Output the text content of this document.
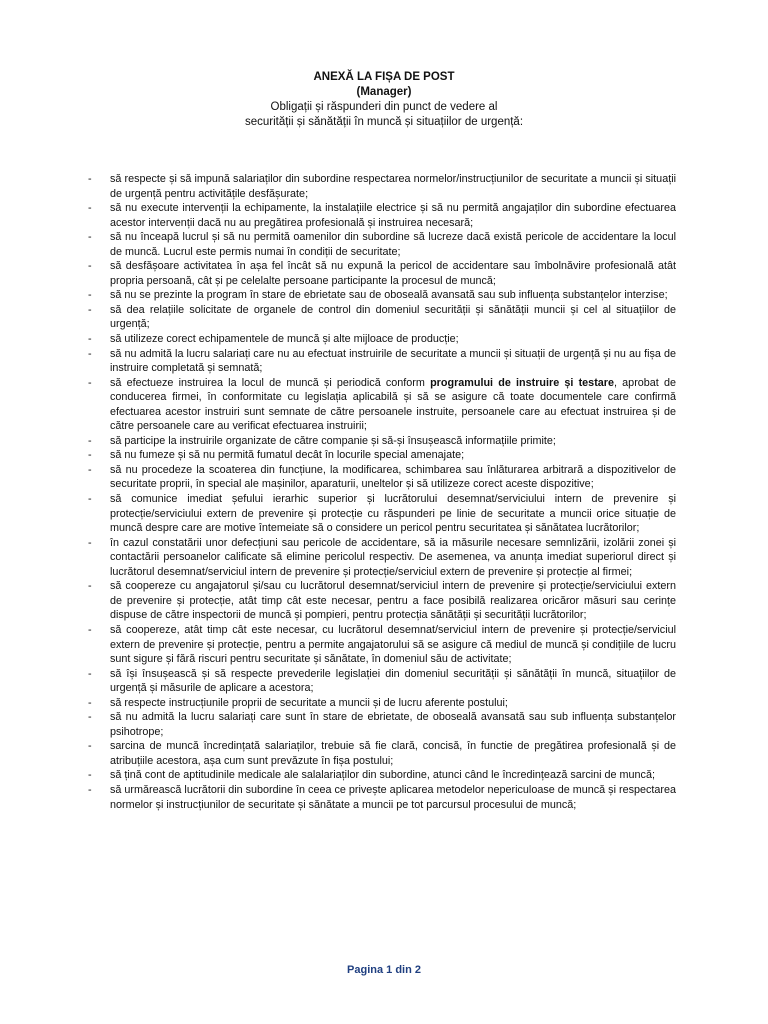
ANEXĂ LA FIȘA DE POST
(Manager)
Obligații și răspunderi din punct de vedere al
securității și sănătății în muncă și situațiilor de urgență:
- să respecte și să impună salariaților din subordine respectarea normelor/instrucțiunilor de securitate a muncii și situații de urgență pentru activitățile desfășurate;
- să nu execute intervenții la echipamente, la instalațiile electrice și să nu permită angajaților din subordine efectuarea acestor intervenții dacă nu au pregătirea profesională și instruirea necesară;
- să nu înceapă lucrul și să nu permită oamenilor din subordine să lucreze dacă există pericole de accidentare la locul de muncă. Lucrul este permis numai în condiții de securitate;
- să desfășoare activitatea în așa fel încât să nu expună la pericol de accidentare sau îmbolnăvire profesională atât propria persoană, cât și pe celelalte persoane participante la procesul de muncă;
- să nu se prezinte la program în stare de ebrietate sau de oboseală avansată sau sub influența substanțelor interzise;
- să dea relațiile solicitate de organele de control din domeniul securității și sănătății muncii și cel al situațiilor de urgență;
- să utilizeze corect echipamentele de muncă și alte mijloace de producție;
- să nu admită la lucru salariați care nu au efectuat instruirile de securitate a muncii și situații de urgență și nu au fișa de instruire completată și semnată;
- să efectueze instruirea la locul de muncă și periodică conform programului de instruire și testare, aprobat de conducerea firmei, în conformitate cu legislația aplicabilă și să se asigure că toate documentele care confirmă efectuarea acestor instruiri sunt semnate de către persoanele instruite, persoanele care au efectuat instruirea și de către persoanele care au verificat efectuarea instruirii;
- să participe la instruirile organizate de către companie și să-și însușească informațiile primite;
- să nu fumeze și să nu permită fumatul decât în locurile special amenajate;
- să nu procedeze la scoaterea din funcțiune, la modificarea, schimbarea sau înlăturarea arbitrară a dispozitivelor de securitate proprii, în special ale mașinilor, aparaturii, uneltelor și să utilizeze corect aceste dispozitive;
- să comunice imediat șefului ierarhic superior și lucrătorului desemnat/serviciului intern de prevenire și protecție/serviciului extern de prevenire și protecție cu răspunderi pe linie de securitate a muncii orice situație de muncă despre care are motive întemeiate să o considere un pericol pentru securitatea și sănătatea lucrătorilor;
- în cazul constatării unor defecțiuni sau pericole de accidentare, să ia măsurile necesare semnlizării, izolării zonei și contactării persoanelor calificate să elimine pericolul respectiv. De asemenea, va anunța imediat superiorul direct și lucrătorul desemnat/serviciul intern de prevenire și protecție/serviciul extern de prevenire și protecție al firmei;
- să coopereze cu angajatorul și/sau cu lucrătorul desemnat/serviciul intern de prevenire și protecție/serviciului extern de prevenire și protecție, atât timp cât este necesar, pentru a face posibilă realizarea oricăror măsuri sau cerințe dispuse de către inspectorii de muncă și pompieri, pentru protecția sănătății și securității lucrătorilor;
- să coopereze, atât timp cât este necesar, cu lucrătorul desemnat/serviciul intern de prevenire și protecție/serviciul extern de prevenire și protecție, pentru a permite angajatorului să se asigure că mediul de muncă și condițiile de lucru sunt sigure și fără riscuri pentru securitate și sănătate, în domeniul său de activitate;
- să își însușească și să respecte prevederile legislației din domeniul securității și sănătății în muncă, situațiilor de urgență și măsurile de aplicare a acestora;
- să respecte instrucțiunile proprii de securitate a muncii și de lucru aferente postului;
- să nu admită la lucru salariați care sunt în stare de ebrietate, de oboseală avansată sau sub influența substanțelor psihotrope;
- sarcina de muncă încredințată salariaților, trebuie să fie clară, concisă, în functie de pregătirea profesională și de atribuțiile acestora, așa cum sunt prevăzute în fișa postului;
- să țină cont de aptitudinile medicale ale salalariaților din subordine, atunci când le încredințează sarcini de muncă;
- să urmărească lucrătorii din subordine în ceea ce privește aplicarea metodelor nepericuloase de muncă și respectarea normelor și instrucțiunilor de securitate și sănătate a muncii pe tot parcursul procesului de muncă;
Pagina 1 din 2
